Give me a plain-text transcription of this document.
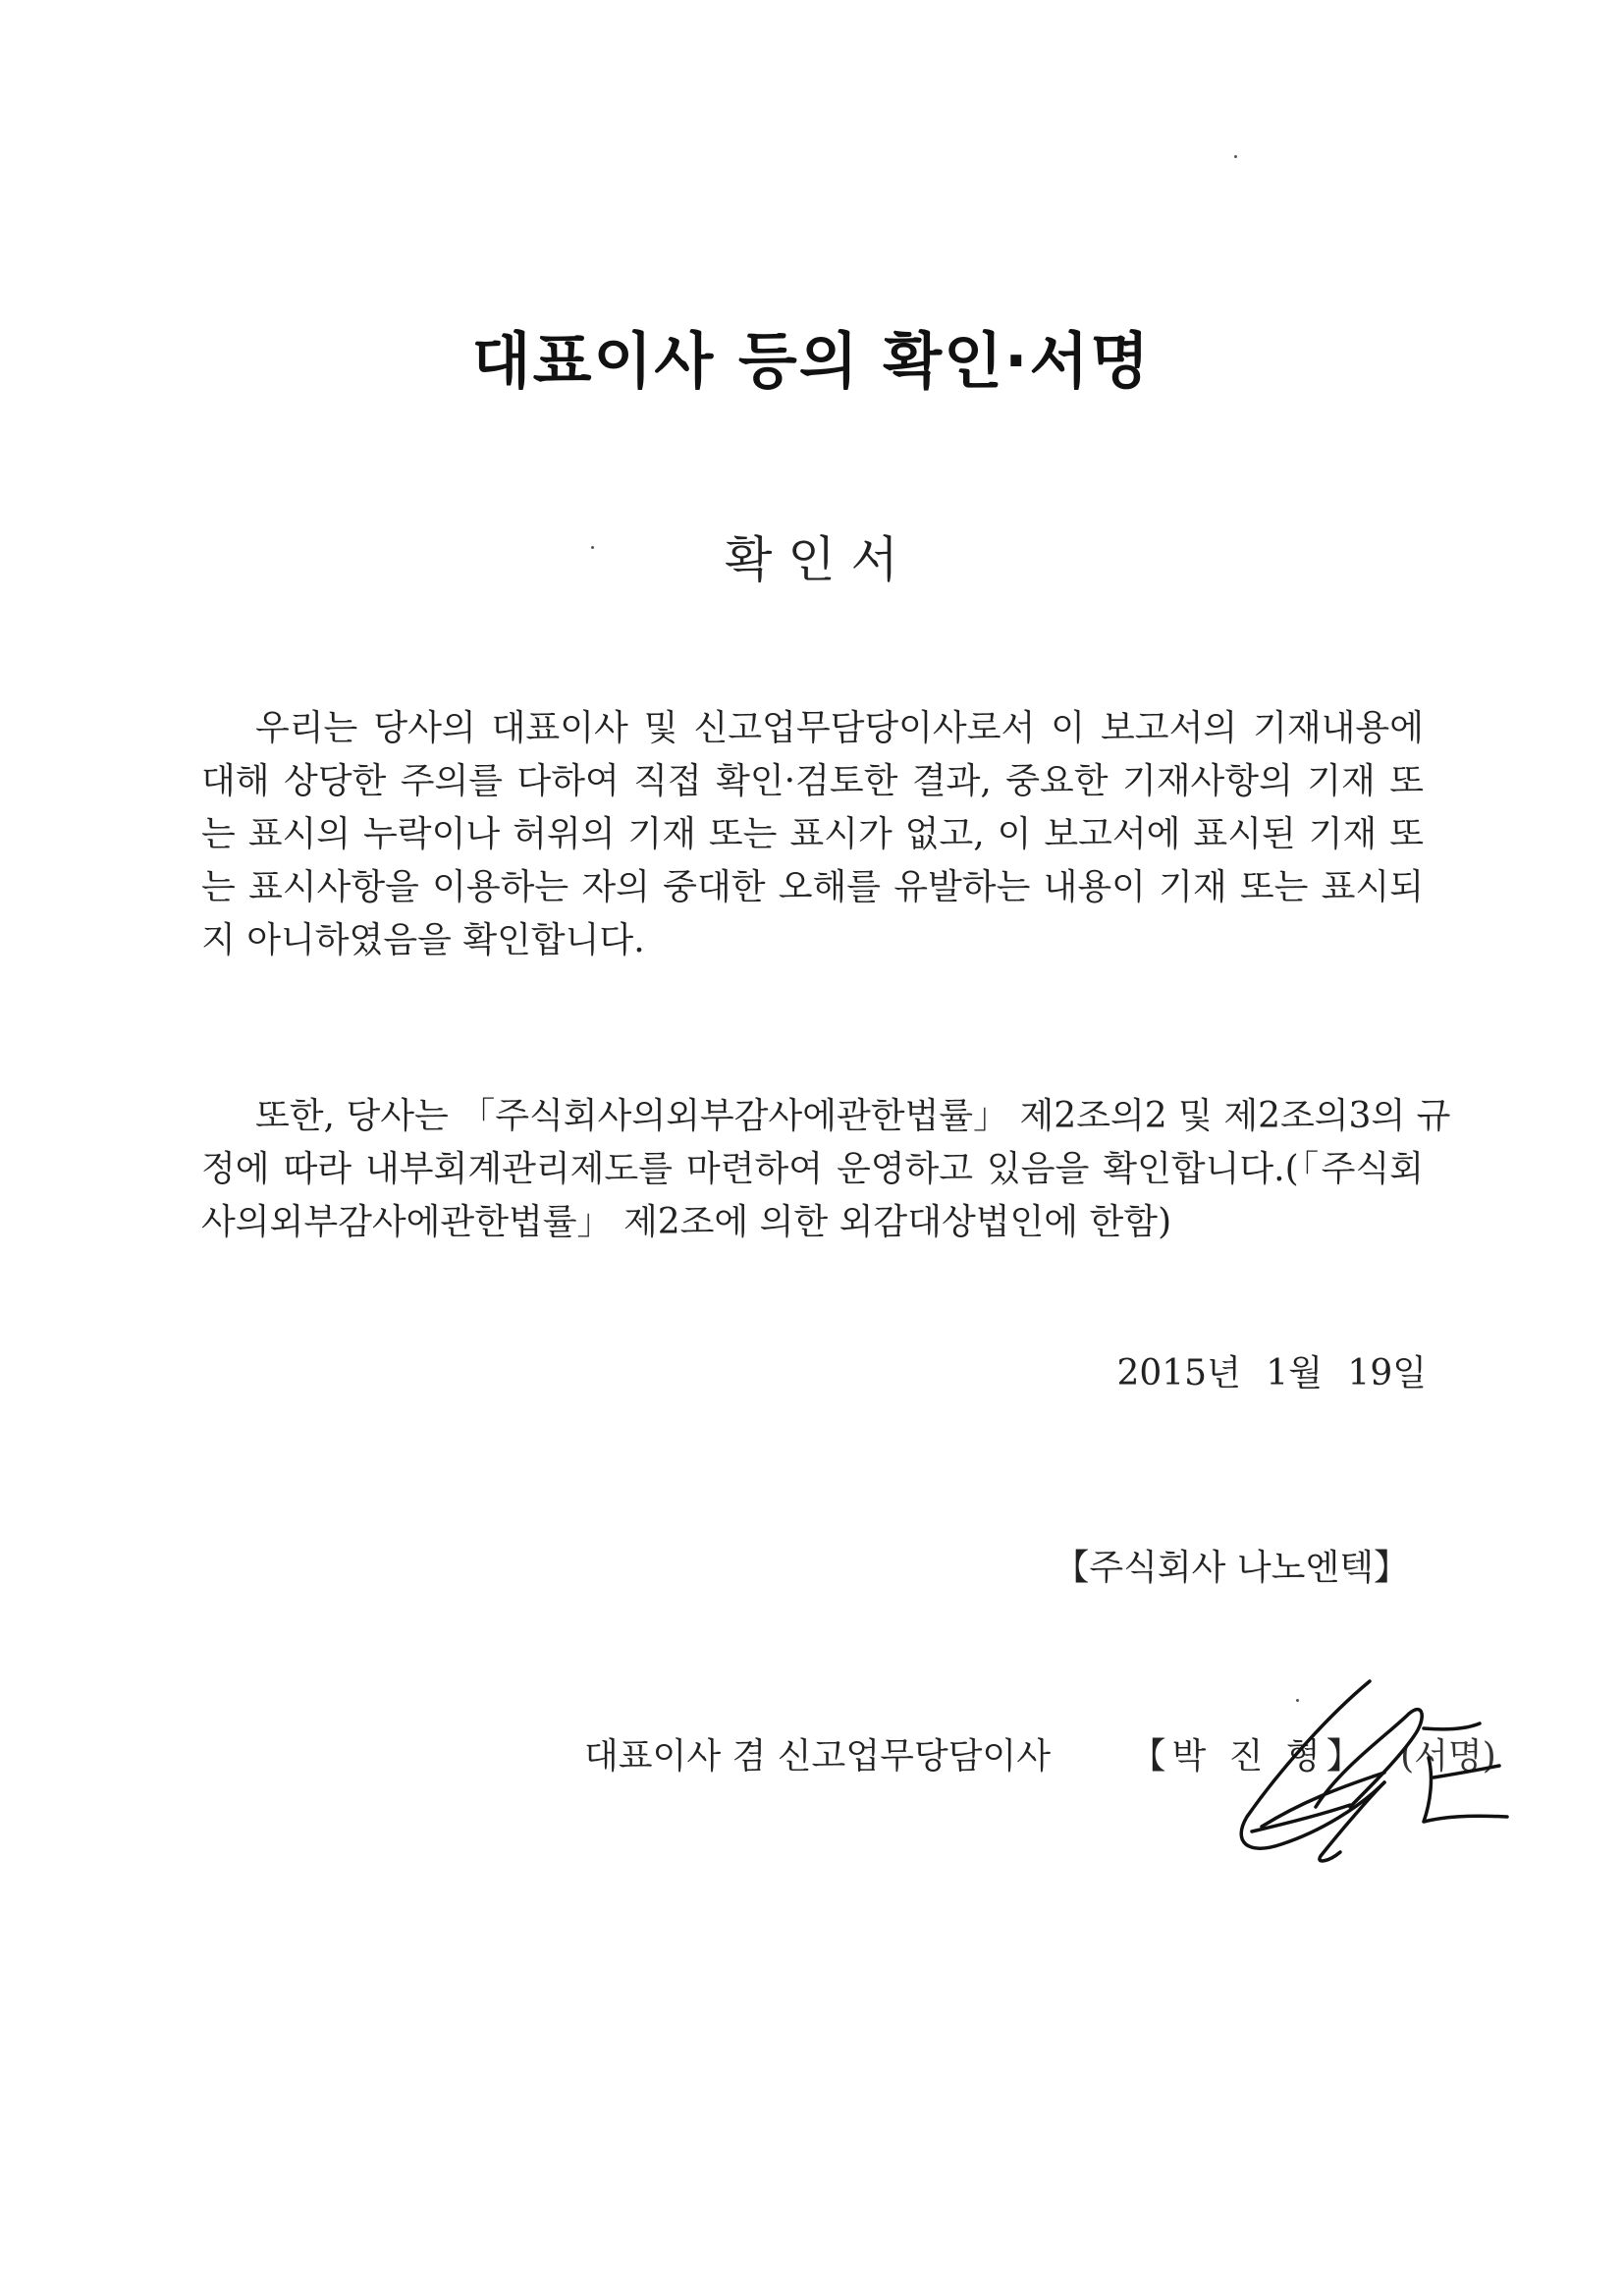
대표이사 등의 확인·서명
확 인 서
우리는 당사의 대표이사 및 신고업무담당이사로서 이 보고서의 기재내용에
대해 상당한 주의를 다하여 직접 확인·검토한 결과, 중요한 기재사항의 기재 또
는 표시의 누락이나 허위의 기재 또는 표시가 없고, 이 보고서에 표시된 기재 또
는 표시사항을 이용하는 자의 중대한 오해를 유발하는 내용이 기재 또는 표시되
지 아니하였음을 확인합니다.
또한, 당사는 「주식회사의외부감사에관한법률」 제2조의2 및 제2조의3의 규
정에 따라 내부회계관리제도를 마련하여 운영하고 있음을 확인합니다.(「주식회
사의외부감사에관한법률」 제2조에 의한 외감대상법인에 한함)
2015년 1월 19일
【주식회사 나노엔텍】
대표이사 겸 신고업무당담이사 【박 진 형】 (서명)
